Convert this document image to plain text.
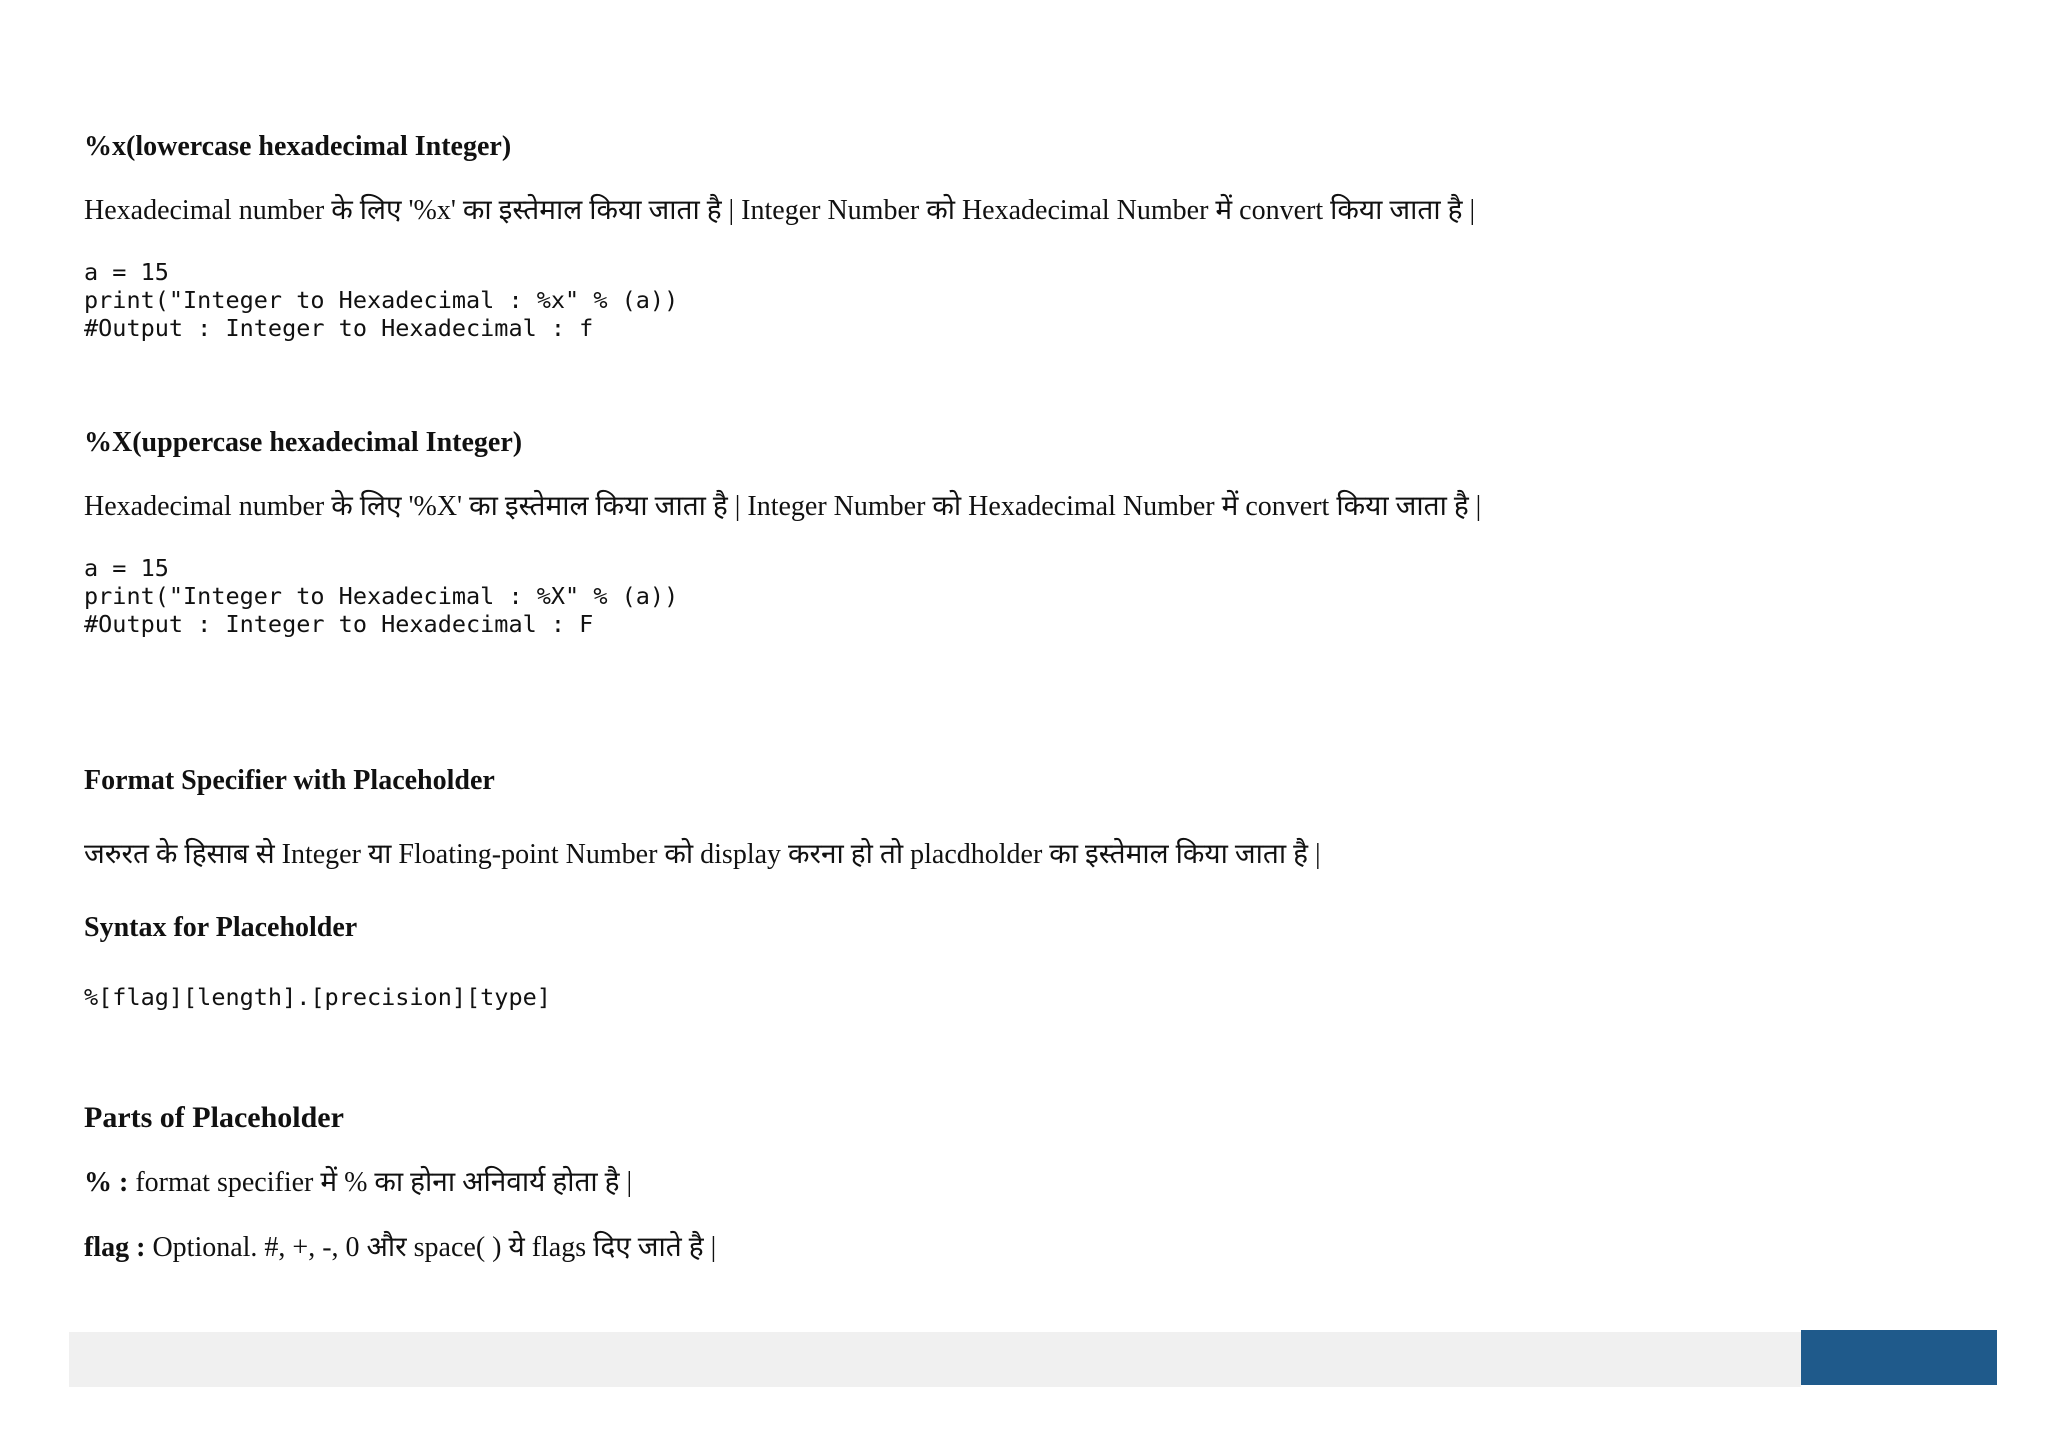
%x(lowercase hexadecimal Integer)
Hexadecimal number के लिए '%x' का इस्तेमाल किया जाता है | Integer Number को Hexadecimal Number में convert किया जाता है |
a = 15
print("Integer to Hexadecimal : %x" % (a))
#Output : Integer to Hexadecimal : f
%X(uppercase hexadecimal Integer)
Hexadecimal number के लिए '%X' का इस्तेमाल किया जाता है | Integer Number को Hexadecimal Number में convert किया जाता है |
a = 15
print("Integer to Hexadecimal : %X" % (a))
#Output : Integer to Hexadecimal : F
Format Specifier with Placeholder
जरुरत के हिसाब से Integer या Floating-point Number को display करना हो तो placdholder का इस्तेमाल किया जाता है |
Syntax for Placeholder
%[flag][length].[precision][type]
Parts of Placeholder
% : format specifier में % का होना अनिवार्य होता है |
flag : Optional. #, +, -, 0 और space( ) ये flags दिए जाते है |
